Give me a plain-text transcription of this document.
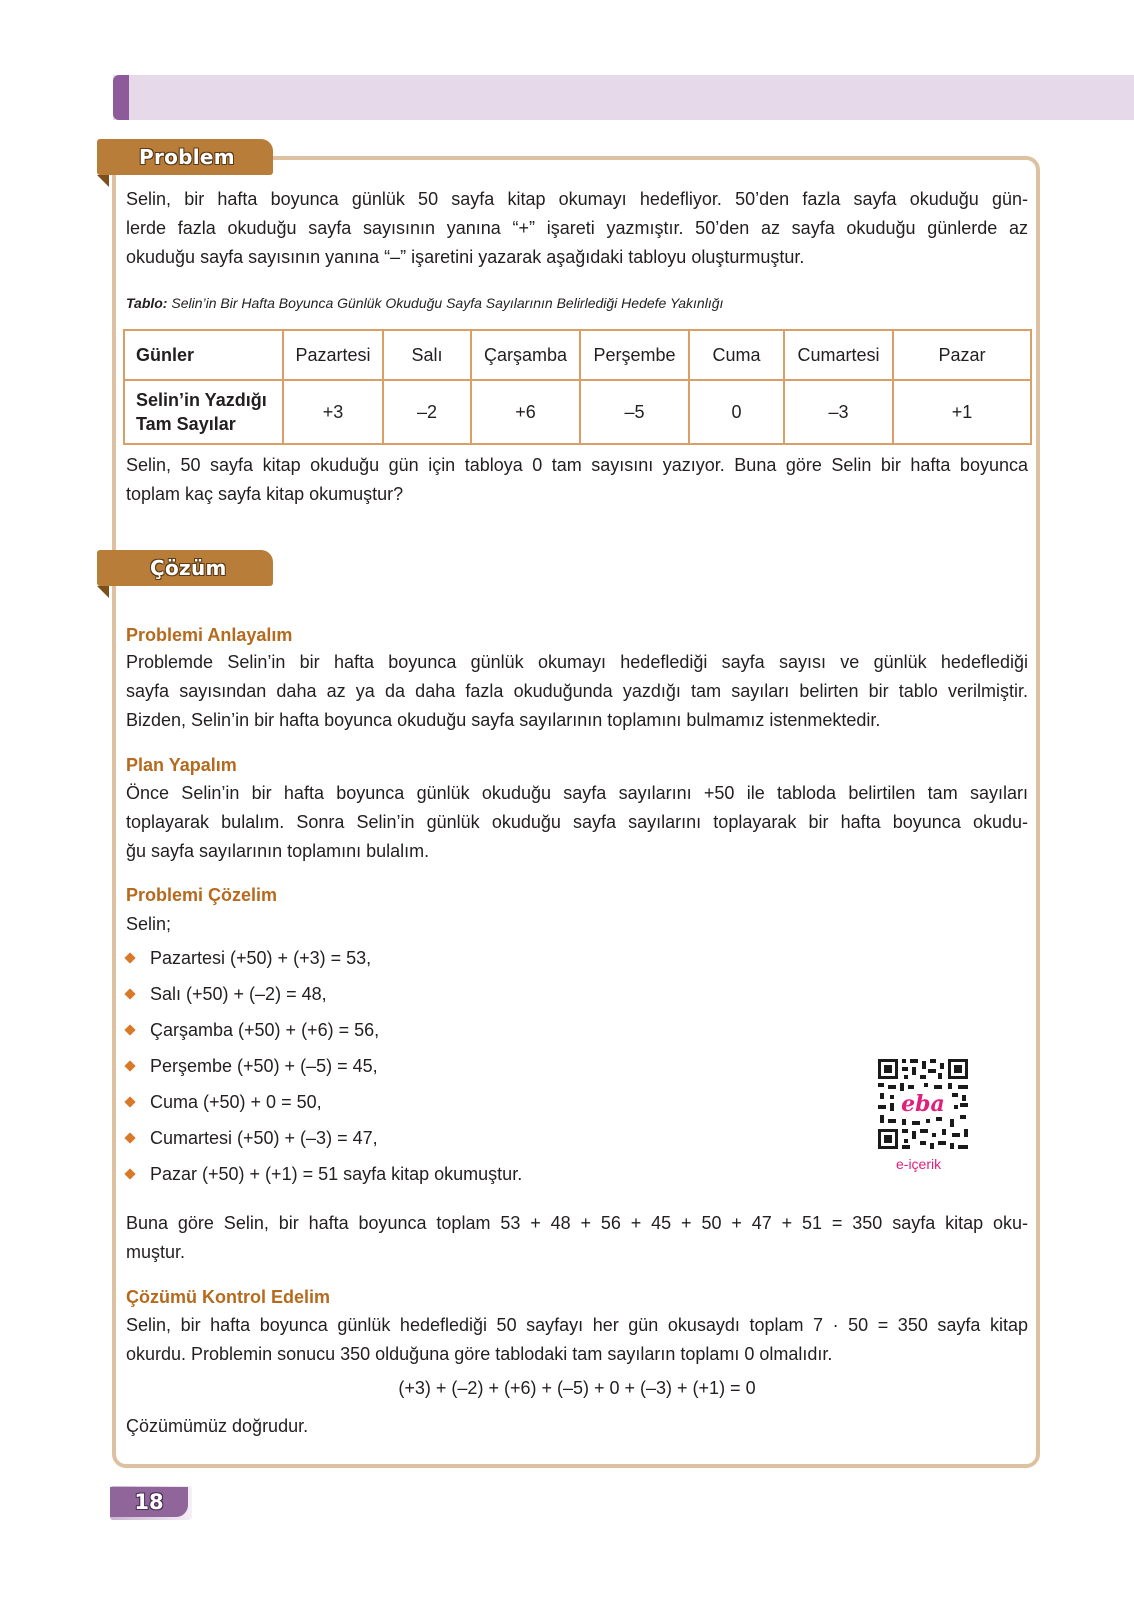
Problem

Selin, bir hafta boyunca günlük 50 sayfa kitap okumayı hedefliyor. 50’den fazla sayfa okuduğu gün-

lerde fazla okuduğu sayfa sayısının yanına “+” işareti yazmıştır. 50’den az sayfa okuduğu günlerde az

okuduğu sayfa sayısının yanına “–” işaretini yazarak aşağıdaki tabloyu oluşturmuştur.

Tablo: Selin’in Bir Hafta Boyunca Günlük Okuduğu Sayfa Sayılarının Belirlediği Hedefe Yakınlığı
Günler	Pazartesi	Salı	Çarşamba	Perşembe	Cuma	Cumartesi	Pazar
Selin’in Yazdığı
Tam Sayılar	+3	–2	+6	–5	0	–3	+1

Selin, 50 sayfa kitap okuduğu gün için tabloya 0 tam sayısını yazıyor. Buna göre Selin bir hafta boyunca

toplam kaç sayfa kitap okumuştur?

Çözüm
Problemi Anlayalım

Problemde Selin’in bir hafta boyunca günlük okumayı hedeflediği sayfa sayısı ve günlük hedeflediği

sayfa sayısından daha az ya da daha fazla okuduğunda yazdığı tam sayıları belirten bir tablo verilmiştir.

Bizden, Selin’in bir hafta boyunca okuduğu sayfa sayılarının toplamını bulmamız istenmektedir.

Plan Yapalım

Önce Selin’in bir hafta boyunca günlük okuduğu sayfa sayılarını +50 ile tabloda belirtilen tam sayıları

toplayarak bulalım. Sonra Selin’in günlük okuduğu sayfa sayılarını toplayarak bir hafta boyunca okudu-

ğu sayfa sayılarının toplamını bulalım.

Problemi Çözelim

Selin;

Pazartesi (+50) + (+3) = 53,
Salı (+50) + (–2) = 48,
Çarşamba (+50) + (+6) = 56,
Perşembe (+50) + (–5) = 45,
Cuma (+50) + 0 = 50,
Cumartesi (+50) + (–3) = 47,
Pazar (+50) + (+1) = 51 sayfa kitap okumuştur.

Buna göre Selin, bir hafta boyunca toplam 53 + 48 + 56 + 45 + 50 + 47 + 51 = 350 sayfa kitap oku-

muştur.

Çözümü Kontrol Edelim

Selin, bir hafta boyunca günlük hedeflediği 50 sayfayı her gün okusaydı toplam 7 · 50 = 350 sayfa kitap

okurdu. Problemin sonucu 350 olduğuna göre tablodaki tam sayıların toplamı 0 olmalıdır.

(+3) + (–2) + (+6) + (–5) + 0 + (–3) + (+1) = 0

Çözümümüz doğrudur.

eba
e-içerik
18
